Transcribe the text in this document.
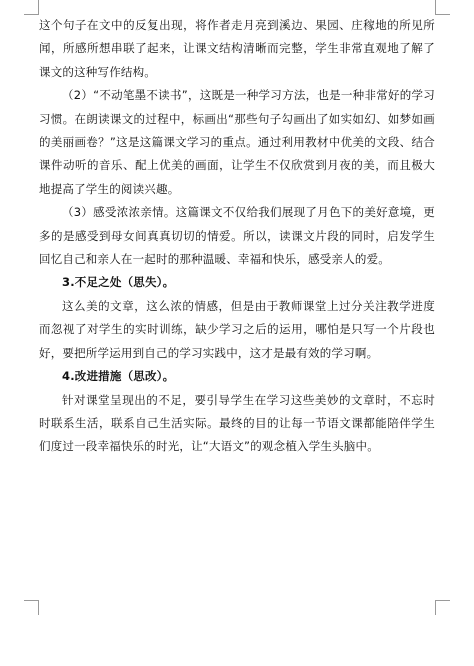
这个句子在文中的反复出现，将作者走月亮到溪边、果园、庄稼地的所见所闻，所感所想串联了起来，让课文结构清晰而完整，学生非常直观地了解了课文的这种写作结构。

（2）“不动笔墨不读书”，这既是一种学习方法，也是一种非常好的学习习惯。在朗读课文的过程中，标画出“那些句子勾画出了如实如幻、如梦如画的美丽画卷？”这是这篇课文学习的重点。通过利用教材中优美的文段、结合课件动听的音乐、配上优美的画面，让学生不仅欣赏到月夜的美，而且极大地提高了学生的阅读兴趣。

（3）感受浓浓亲情。这篇课文不仅给我们展现了月色下的美好意境，更多的是感受到母女间真真切切的情爱。所以，读课文片段的同时，启发学生回忆自己和亲人在一起时的那种温暖、幸福和快乐，感受亲人的爱。

3.不足之处（思失）。

这么美的文章，这么浓的情感，但是由于教师课堂上过分关注教学进度而忽视了对学生的实时训练，缺少学习之后的运用，哪怕是只写一个片段也好，要把所学运用到自己的学习实践中，这才是最有效的学习啊。

4.改进措施（思改）。

针对课堂呈现出的不足，要引导学生在学习这些美妙的文章时，不忘时时联系生活，联系自己生活实际。最终的目的让每一节语文课都能陪伴学生们度过一段幸福快乐的时光，让“大语文”的观念植入学生头脑中。
